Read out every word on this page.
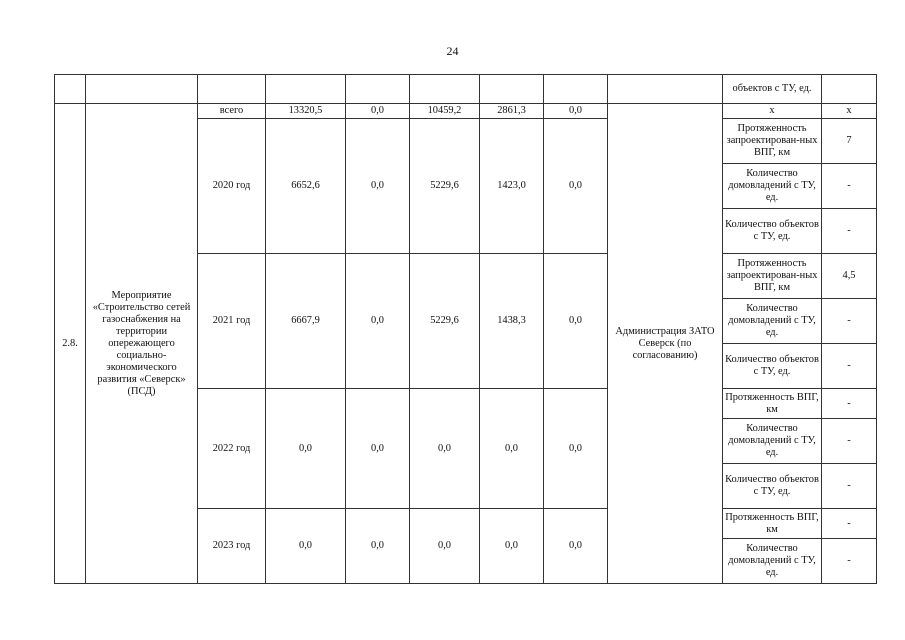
24
									объектов с ТУ, ед.	
2.8.	Мероприятие «Строительство сетей газоснабжения на территории опережающего социально-экономического развития «Северск» (ПСД)	всего	13320,5	0,0	10459,2	2861,3	0,0	Администрация ЗАТО Северск (по согласованию)	х	х
		2020 год	6652,6	0,0	5229,6	1423,0	0,0		Протяженность запроектирован-ных ВПГ, км	7
									Количество домовладений с ТУ, ед.	-
									Количество объектов с ТУ, ед.	-
		2021 год	6667,9	0,0	5229,6	1438,3	0,0		Протяженность запроектирован-ных ВПГ, км	4,5
									Количество домовладений с ТУ, ед.	-
									Количество объектов с ТУ, ед.	-
		2022 год	0,0	0,0	0,0	0,0	0,0		Протяженность ВПГ, км	-
									Количество домовладений с ТУ, ед.	-
									Количество объектов с ТУ, ед.	-
		2023 год	0,0	0,0	0,0	0,0	0,0		Протяженность ВПГ, км	-
									Количество домовладений с ТУ, ед.	-
